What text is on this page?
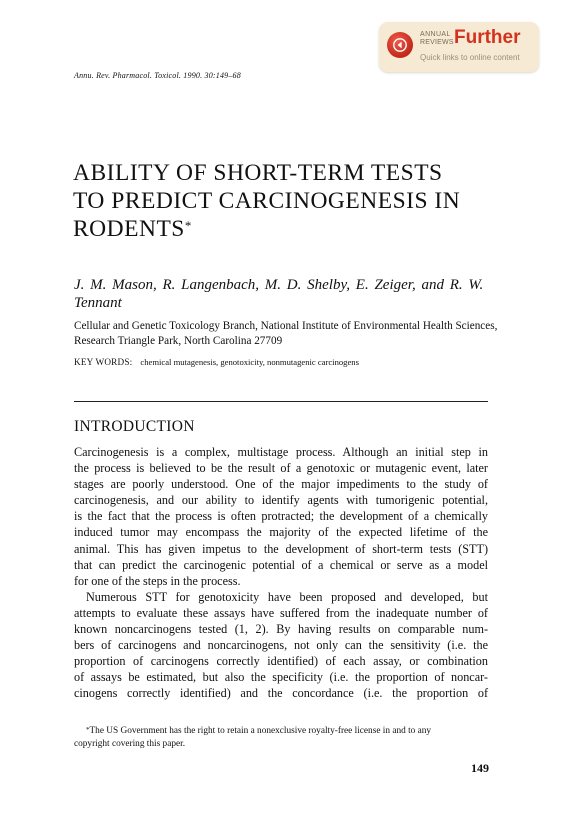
ANNUAL
REVIEWS Further
Quick links to online content
Annu. Rev. Pharmacol. Toxicol. 1990. 30:149–68
ABILITY OF SHORT-TERM TESTS
TO PREDICT CARCINOGENESIS IN
RODENTS*
J. M. Mason, R. Langenbach, M. D. Shelby, E. Zeiger, and R. W. Tennant
Cellular and Genetic Toxicology Branch, National Institute of Environmental Health Sciences, Research Triangle Park, North Carolina 27709
KEY WORDS: chemical mutagenesis, genotoxicity, nonmutagenic carcinogens
INTRODUCTION
Carcinogenesis is a complex, multistage process. Although an initial step in
the process is believed to be the result of a genotoxic or mutagenic event, later
stages are poorly understood. One of the major impediments to the study of
carcinogenesis, and our ability to identify agents with tumorigenic potential,
is the fact that the process is often protracted; the development of a chemically
induced tumor may encompass the majority of the expected lifetime of the
animal. This has given impetus to the development of short-term tests (STT)
that can predict the carcinogenic potential of a chemical or serve as a model
for one of the steps in the process.
Numerous STT for genotoxicity have been proposed and developed, but
attempts to evaluate these assays have suffered from the inadequate number of
known noncarcinogens tested (1, 2). By having results on comparable num-
bers of carcinogens and noncarcinogens, not only can the sensitivity (i.e. the
proportion of carcinogens correctly identified) of each assay, or combination
of assays be estimated, but also the specificity (i.e. the proportion of noncar-
cinogens correctly identified) and the concordance (i.e. the proportion of
*The US Government has the right to retain a nonexclusive royalty-free license in and to any
copyright covering this paper.
149
